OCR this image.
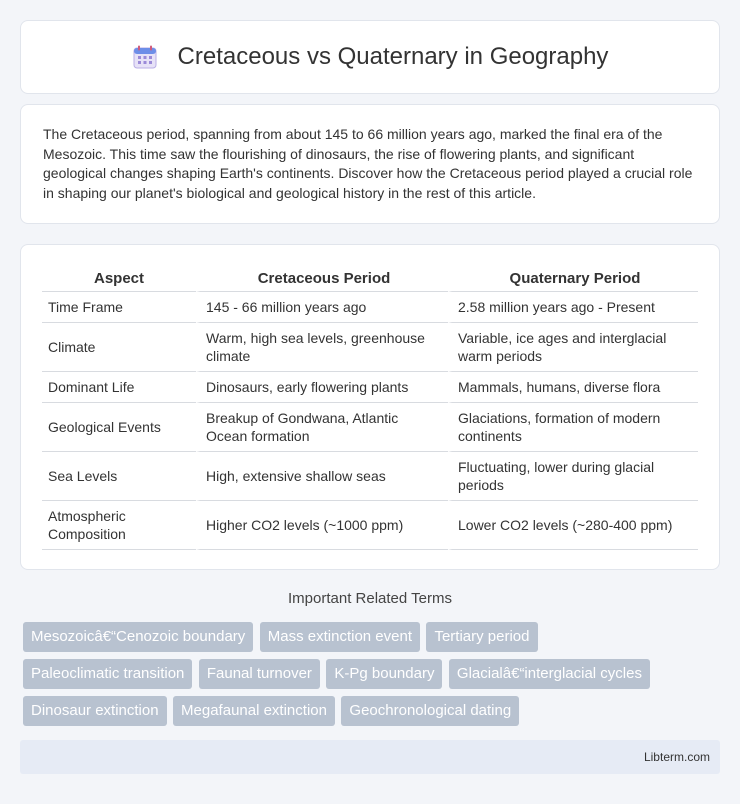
Cretaceous vs Quaternary in Geography

The Cretaceous period, spanning from about 145 to 66 million years ago, marked the final era of the Mesozoic. This time saw the flourishing of dinosaurs, the rise of flowering plants, and significant geological changes shaping Earth's continents. Discover how the Cretaceous period played a crucial role in shaping our planet's biological and geological history in the rest of this article.

Aspect	Cretaceous Period	Quaternary Period
Time Frame	145 - 66 million years ago	2.58 million years ago - Present
Climate	Warm, high sea levels, greenhouse climate	Variable, ice ages and interglacial warm periods
Dominant Life	Dinosaurs, early flowering plants	Mammals, humans, diverse flora
Geological Events	Breakup of Gondwana, Atlantic Ocean formation	Glaciations, formation of modern continents
Sea Levels	High, extensive shallow seas	Fluctuating, lower during glacial periods
Atmospheric Composition	Higher CO2 levels (~1000 ppm)	Lower CO2 levels (~280-400 ppm)
Important Related Terms
Mesozoicâ€“Cenozoic boundary Mass extinction event Tertiary period
Paleoclimatic transition Faunal turnover K-Pg boundary Glacialâ€“interglacial cycles
Dinosaur extinction Megafaunal extinction Geochronological dating
Libterm.com
